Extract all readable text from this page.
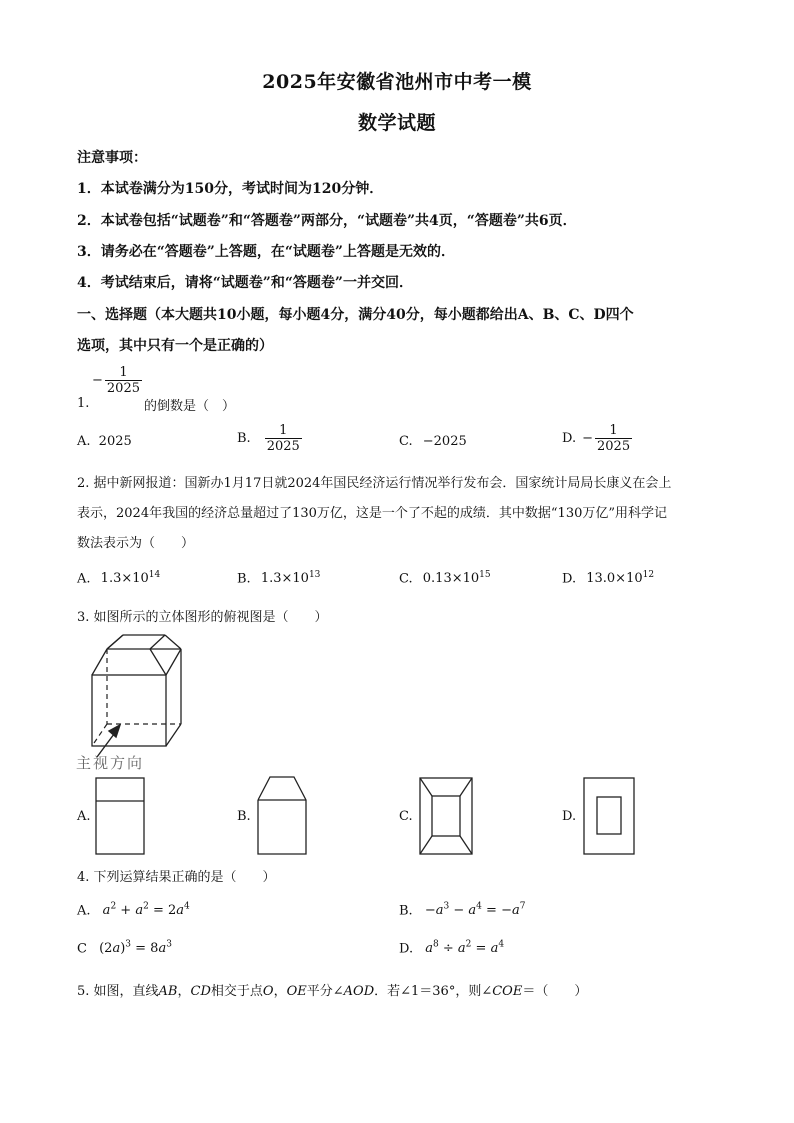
2025年安徽省池州市中考一模
数学试题
注意事项：
1．本试卷满分为150分，考试时间为120分钟．
2．本试卷包括“试题卷”和“答题卷”两部分，“试题卷”共4页，“答题卷”共6页．
3．请务必在“答题卷”上答题，在“试题卷”上答题是无效的．
4．考试结束后，请将“试题卷”和“答题卷”一并交回．
一、选择题（本大题共10小题，每小题4分，满分40分，每小题都给出A、B、C、D四个
选项，其中只有一个是正确的）
1.
− $\frac{1}{2025}$
的倒数是（　）
A. 2025	B. $\frac{1}{2025}$	C. −2025	D. − $\frac{1}{2025}$
2. 据中新网报道：国新办1月17日就2024年国民经济运行情况举行发布会．国家统计局局长康义在会上
表示，2024年我国的经济总量超过了130万亿，这是一个了不起的成绩．其中数据“130万亿”用科学记
数法表示为（　　）
A. $1.3\times 10^{14}$	B. $1.3\times 10^{13}$	C. $0.13\times 10^{15}$	D. $13.0\times 10^{12}$
3. 如图所示的立体图形的俯视图是（　　）
主视方向
A.	B.	C.	D.
4. 下列运算结果正确的是（　　）
A. $a^2 + a^2 = 2a^4$	B. $-a^3 - a^4 = -a^7$
C $(2a)^3 = 8a^3$	D. $a^8 \div a^2 = a^4$
5. 如图，直线AB，CD相交于点O，OE平分∠AOD．若∠1＝36°，则∠COE＝（　　）
